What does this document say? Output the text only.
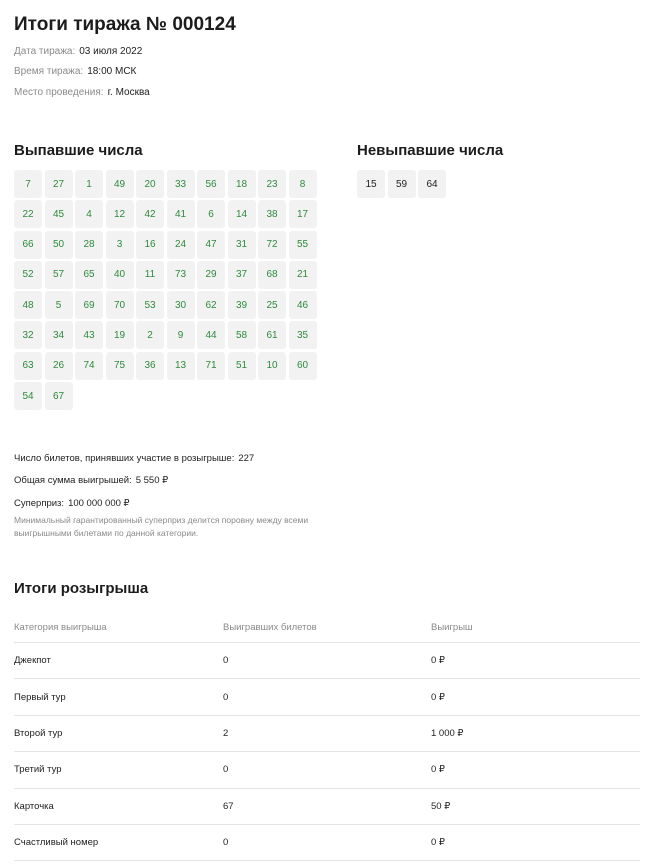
Итоги тиража № 000124
Дата тиража: 03 июля 2022
Время тиража: 18:00 МСК
Место проведения: г. Москва
Выпавшие числа
7	27	1	49	20	33	56	18	23	8
22	45	4	12	42	41	6	14	38	17
66	50	28	3	16	24	47	31	72	55
52	57	65	40	11	73	29	37	68	21
48	5	69	70	53	30	62	39	25	46
32	34	43	19	2	9	44	58	61	35
63	26	74	75	36	13	71	51	10	60
54	67
Невыпавшие числа
15	59	64
Число билетов, принявших участие в розыгрыше: 227
Общая сумма выигрышей: 5 550 ₽
Суперприз: 100 000 000 ₽

Минимальный гарантированный суперприз делится поровну между всеми выигрышными билетами по данной категории.

Итоги розыгрыша
Категория выигрыша	Выигравших билетов	Выигрыш
Джекпот	0	0 ₽
Первый тур	0	0 ₽
Второй тур	2	1 000 ₽
Третий тур	0	0 ₽
Карточка	67	50 ₽
Счастливый номер	0	0 ₽
